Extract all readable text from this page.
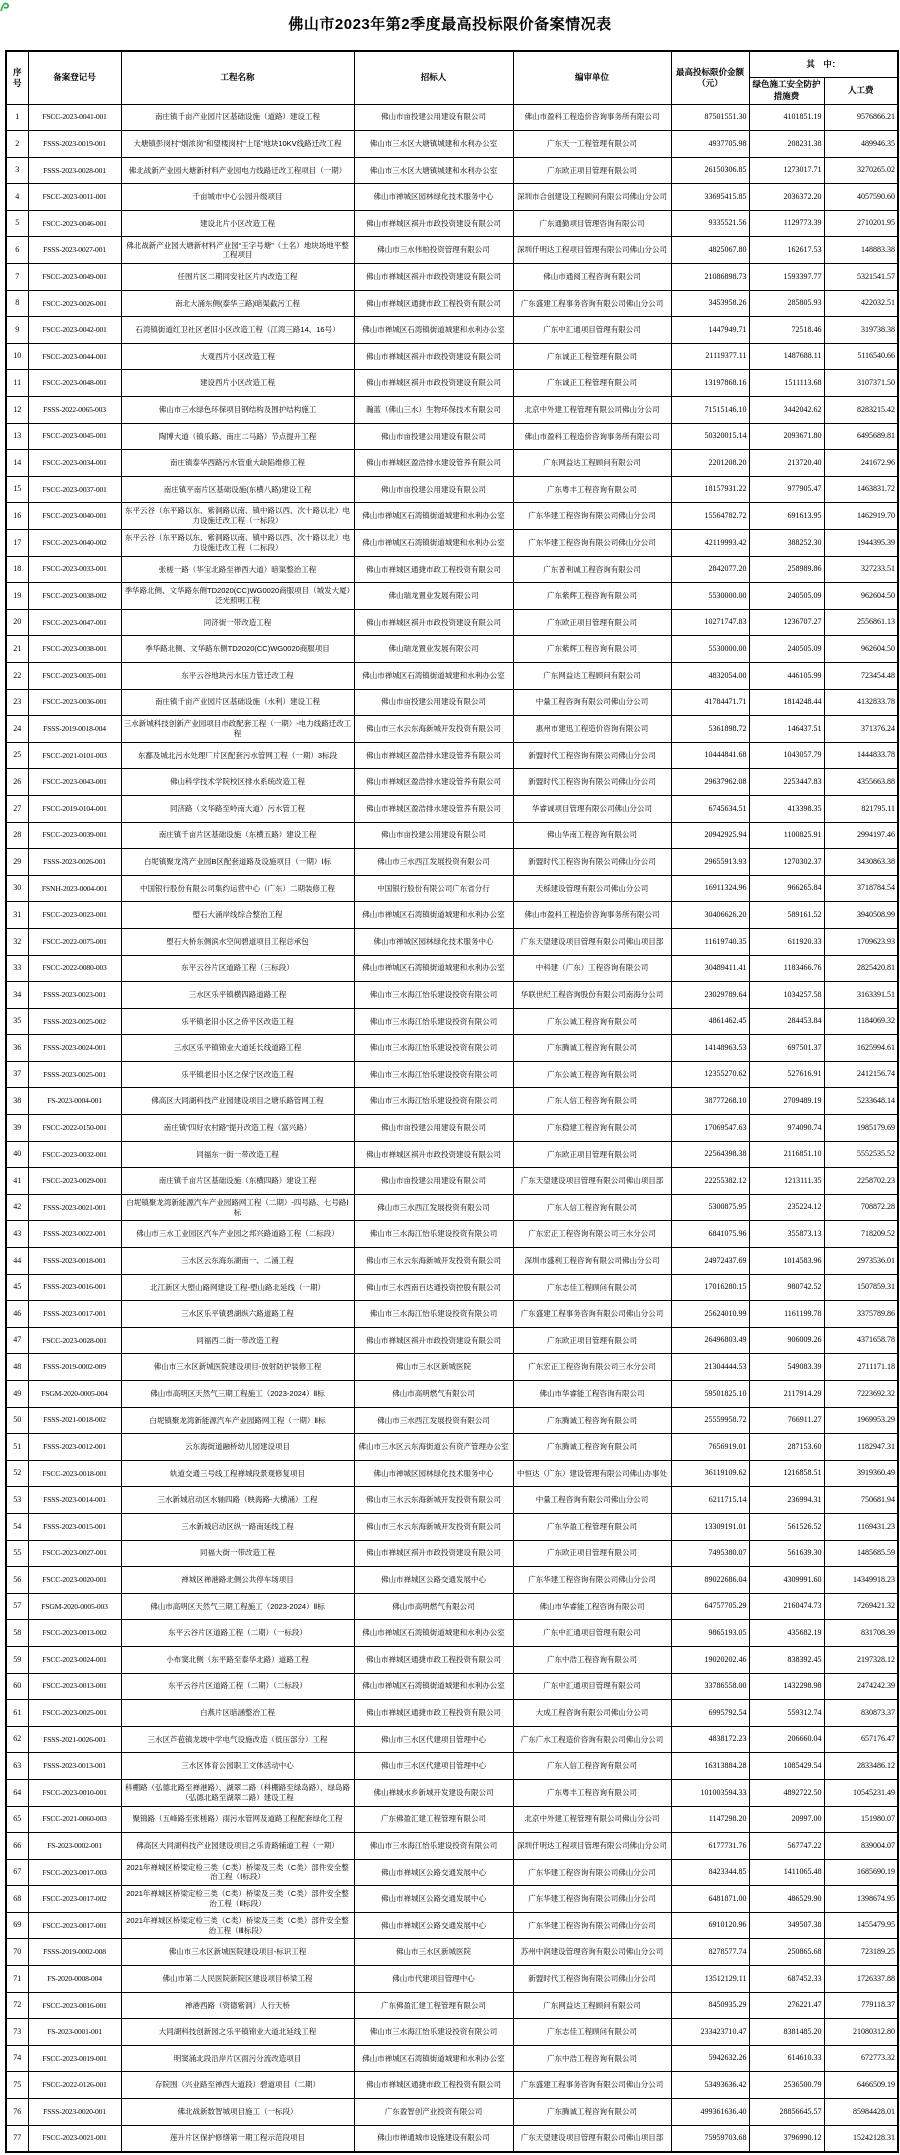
佛山市2023年第2季度最高投标限价备案情况表
序号	备案登记号	工程名称	招标人	编审单位	最高投标限价金额（元）	其　中：	
						绿色施工安全防护措施费	人工费
1	FSCC-2023-0041-001	南庄镇千亩产业园片区基础设施（道路）建设工程	佛山市亩投建公用建设有限公司	佛山市盈科工程造价咨询事务所有限公司	87501551.30	4101851.19	9576866.21
2	FSSS-2023-0019-001	大塘镇彭岗村“烟浓岗”和望楼岗村“上尾”地块10KV线路迁改工程	佛山市三水区大塘镇城建和水利办公室	广东天一工程管理有限公司	4937705.98	208231.38	489946.35
3	FSSS-2023-0028-001	佛北战新产业园大塘新材料产业园电力线路迁改工程项目（一期）	佛山市三水区大塘镇城建和水利办公室	广东欧正项目管理有限公司	26150306.85	1273017.71	3270265.02
4	FSCC-2023-0011-001	千亩城市中心公园升级项目	佛山市禅城区园林绿化技术服务中心	深圳市合创建设工程顾问有限公司佛山分公司	33695415.85	2036372.20	4057590.60
5	FSCC-2023-0046-001	建设北片小区改造工程	佛山市禅城区祺升市政投资建设有限公司	广东通勤项目管理咨询有限公司	9335521.56	1129773.39	2710201.95
6	FSSS-2023-0027-001	佛北战新产业园大塘新材料产业园“王字号塘”（土名）地块场地平整工程项目	佛山市三水伟柏投资管理有限公司	深圳仟明达工程项目管理有限公司佛山分公司	4825067.80	162617.53	148883.38
7	FSCC-2023-0049-001	任围片区二期同安社区片内改造工程	佛山市禅城区祺升市政投资建设有限公司	佛山市通阅工程咨询有限公司	21086898.73	1593397.77	5321541.57
8	FSCC-2023-0026-001	南北大涌东侧(泰华三路)暗渠截污工程	佛山市禅城区通捷市政工程投资有限公司	广东盛建工程事务咨询有限公司佛山分公司	3453958.26	285805.93	422032.51
9	FSCC-2023-0042-001	石湾镇街道红卫社区老旧小区改造工程（江湾三路14、16号）	佛山市禅城区石湾镇街道城建和水利办公室	广东中汇通项目管理有限公司	1447949.71	72518.46	319738.38
10	FSCC-2023-0044-001	大观西片小区改造工程	佛山市禅城区祺升市政投资建设有限公司	广东诚正工程管理有限公司	21119377.11	1487688.11	5116540.66
11	FSCC-2023-0048-001	建设西片小区改造工程	佛山市禅城区祺升市政投资建设有限公司	广东诚正工程管理有限公司	13197868.16	1511113.68	3107371.50
12	FSSS-2022-0065-003	佛山市三水绿色环保项目钢结构及围护结构施工	瀚蓝（佛山三水）生物环保技术有限公司	北京中外建工程管理有限公司佛山分公司	71515146.10	3442042.62	8283215.42
13	FSCC-2023-0045-001	陶博大道（镇乐路、南庄二马路）节点提升工程	佛山市亩投建公用建设有限公司	佛山市盈科工程造价咨询事务所有限公司	50320015.14	2093671.80	6495689.81
14	FSCC-2023-0034-001	南庄镇泰华西路污水管重大缺陷维修工程	佛山市禅城区盈浩排水建设管养有限公司	广东网益达工程顾问有限公司	2201208.20	213720.40	241672.96
15	FSCC-2023-0037-001	南庄镇平南片区基础设施(东横八路)建设工程	佛山市亩投建公用建设有限公司	广东粤丰工程咨询有限公司	18157931.22	977905.47	1463831.72
16	FSCC-2023-0040-001	东平云谷（东平路以东、紫洞路以南、镇中路以西、次十路以北）电力设施迁改工程（一标段）	佛山市禅城区石湾镇街道城建和水利办公室	广东华建工程咨询有限公司佛山分公司	15564782.72	691613.95	1462919.70
17	FSCC-2023-0040-002	东平云谷（东平路以东、紫洞路以南、镇中路以西、次十路以北）电力设施迁改工程（二标段）	佛山市禅城区石湾镇街道城建和水利办公室	广东华建工程咨询有限公司佛山分公司	42119993.42	388252.30	1944395.39
18	FSCC-2023-0033-001	张槎一路（华宝北路至禅西大道）暗渠整治工程	佛山市禅城区通捷市政工程投资有限公司	广东普利诚工程咨询有限公司	2842077.20	258989.86	327233.51
19	FSCC-2023-0038-002	季华路北侧、文华路东侧TD2020(CC)WG0020商服项目（城发大厦）泛光照明工程	佛山瑞龙置业发展有限公司	广东紫辉工程咨询有限公司	5530000.00	240505.09	962604.50
20	FSCC-2023-0047-001	同济街一带改造工程	佛山市禅城区祺升市政投资建设有限公司	广东欧正项目管理有限公司	10271747.83	1236707.27	2556861.13
21	FSCC-2023-0038-001	季华路北侧、文华路东侧TD2020(CC)WG0020商服项目	佛山瑞龙置业发展有限公司	广东紫辉工程咨询有限公司	5530000.00	240505.09	962604.50
22	FSCC-2023-0035-001	东平云谷地块污水压力管迁改工程	佛山市禅城区石湾镇街道城建和水利办公室	广东网益达工程顾问有限公司	4832054.00	446105.99	723454.48
23	FSCC-2023-0036-001	南庄镇千亩产业园片区基础设施（水利）建设工程	佛山市亩投建公用建设有限公司	中量工程咨询有限公司佛山分公司	41784471.71	1814248.44	4132833.78
24	FSSS-2019-0018-004	三水新城科技创新产业园项目市政配套工程（一期）-电力线路迁改工程	佛山市三水云东海新城开发投资有限公司	惠州市建迅工程造价咨询有限公司	5361898.72	146437.51	371376.24
25	FSCC-2021-0101-003	东鄱及城北污水处理厂片区配套污水管网工程（一期）3标段	佛山市禅城区盈浩排水建设管养有限公司	新盟时代工程咨询有限公司佛山分公司	10444841.68	1043057.79	1444833.78
26	FSCC-2023-0043-001	佛山科学技术学院校区排水系统改造工程	佛山市禅城区盈浩排水建设管养有限公司	新盟时代工程咨询有限公司佛山分公司	29637962.08	2253447.83	4355663.88
27	FSCC-2019-0104-001	同济路（文华路至岭南大道）污水管工程	佛山市禅城区盈浩排水建设管养有限公司	华睿诚项目管理有限公司佛山分公司	6745634.51	413398.35	821795.11
28	FSCC-2023-0039-001	南庄镇千亩片区基础设施（东横五路）建设工程	佛山市亩投建公用建设有限公司	佛山华南工程咨询有限公司	20942925.94	1100825.91	2994197.46
29	FSSS-2023-0026-001	白坭镇聚龙湾产业园B区配套道路及设施项目（一期）Ⅰ标	佛山市三水西江发展投资有限公司	新盟时代工程咨询有限公司佛山分公司	29655913.93	1270302.37	3430863.38
30	FSNH-2023-0004-001	中国银行股份有限公司集约运营中心（广东）二期装修工程	中国银行股份有限公司广东省分行	天栎建设管理有限公司佛山分公司	16911324.96	966265.84	3718784.54
31	FSCC-2023-0023-001	塱石大涌岸线综合整治工程	佛山市禅城区石湾镇街道城建和水利办公室	佛山市盈科工程造价咨询事务所有限公司	30406626.20	589161.52	3940508.99
32	FSCC-2022-0075-001	塱石大桥东侧滨水空间碧道项目工程总承包	佛山市禅城区园林绿化技术服务中心	广东天望建设项目管理有限公司佛山项目部	11619740.35	611920.33	1709623.93
33	FSCC-2022-0080-003	东平云谷片区道路工程（三标段）	佛山市禅城区石湾镇街道城建和水利办公室	中科建（广东）工程咨询有限公司	30489411.41	1183466.76	2825420.81
34	FSSS-2023-0023-001	三水区乐平镇横四路道路工程	佛山市三水海江怡乐建设投资有限公司	华联世纪工程咨询股份有限公司南海分公司	23029789.64	1034257.58	3163391.51
35	FSSS-2023-0025-002	乐平镇老旧小区之侨平区改造工程	佛山市三水海江怡乐建设投资有限公司	广东公诚工程咨询有限公司	4861462.45	284453.84	1184069.32
36	FSSS-2023-0024-001	三水区乐平镇锦业大道延长线道路工程	佛山市三水海江怡乐建设投资有限公司	广东腾诚工程咨询有限公司	14148963.53	697501.37	1625994.61
37	FSSS-2023-0025-001	乐平镇老旧小区之保宁区改造工程	佛山市三水海江怡乐建设投资有限公司	广东公诚工程咨询有限公司	12355270.62	527616.91	2412156.74
38	FS-2023-0004-001	佛高区大同湖科技产业园建设项目之塘乐路管网工程	佛山市三水海江怡乐建设投资有限公司	广东人信工程咨询有限公司	38777268.10	2709489.19	5233648.14
39	FSCC-2022-0150-001	南庄镇“四好农村路”提升改造工程（富兴路）	佛山市亩投建公用建设有限公司	广东稳建工程咨询有限公司	17069547.63	974090.74	1985179.69
40	FSCC-2023-0032-001	同福东一街一带改造工程	佛山市禅城区祺升市政投资建设有限公司	广东欧正项目管理有限公司	22564398.38	2116851.10	5552535.52
41	FSCC-2023-0029-001	南庄镇千亩片区基础设施（东横四路）建设工程	佛山市亩投建公用建设有限公司	广东天望建设项目管理有限公司佛山项目部	22255382.12	1213111.35	2258702.23
42	FSSS-2023-0021-001	白坭镇聚龙湾新能源汽车产业园路网工程（二期）-四号路、七号路Ⅰ标	佛山市三水西江发展投资有限公司	广东人信工程咨询有限公司	5300875.95	235224.12	708872.28
43	FSSS-2023-0022-001	佛山市三水工业园区汽车产业园之邦兴路道路工程（二标段）	佛山市三水海江怡乐建设投资有限公司	广东宏正工程咨询有限公司三水分公司	6841075.96	355873.13	718209.52
44	FSSS-2023-0018-001	三水区云东海东湖南一、二涌工程	佛山市三水云东海新城开发投资有限公司	深圳市盛利工程咨询有限公司佛山分公司	24972437.69	1014583.96	2973536.01
45	FSSS-2023-0016-001	北江新区大塱山路网建设工程-塱山路北延线（一期）	佛山市三水西南百达通投资控股有限公司	广东志佳工程顾问有限公司	17016280.15	980742.52	1507859.31
46	FSSS-2023-0017-001	三水区乐平镇碧湖纵六路道路工程	佛山市三水海江怡乐建设投资有限公司	广东盛建工程事务咨询有限公司佛山分公司	25624010.99	1161199.78	3375789.86
47	FSCC-2023-0028-001	同福西二街一带改造工程	佛山市禅城区祺升市政投资建设有限公司	广东欧正项目管理有限公司	26496803.49	906009.26	4371658.78
48	FSSS-2019-0002-009	佛山市三水区新城医院建设项目-放射防护装修工程	佛山市三水区新城医院	广东宏正工程咨询有限公司三水分公司	21304444.53	549083.39	2711171.18
49	FSGM-2020-0005-004	佛山市高明区天然气三期工程施工（2023-2024）Ⅱ标	佛山市高明燃气有限公司	佛山市华睿能工程咨询有限公司	59501825.10	2117914.29	7223692.32
50	FSSS-2021-0018-002	白坭镇聚龙湾新能源汽车产业园路网工程（一期）Ⅱ标	佛山市三水西江发展投资有限公司	广东腾诚工程咨询有限公司	25559958.72	766911.27	1969953.29
51	FSSS-2023-0012-001	云东海街道融桥幼儿园建设项目	佛山市三水区云东海街道公有资产管理办公室	广东腾诚工程咨询有限公司	7656919.01	287153.60	1182947.31
52	FSCC-2023-0018-001	轨道交通三号线工程禅城段景观修复项目	佛山市禅城区园林绿化技术服务中心	中恒达（广东）建设管理有限公司佛山办事处	36119109.62	1216858.51	3919360.49
53	FSSS-2023-0014-001	三水新城启动区水轴四路（映海路-大横涌）工程	佛山市三水云东海新城开发投资有限公司	中量工程咨询有限公司佛山分公司	6211715.14	236994.31	750681.94
54	FSSS-2023-0015-001	三水新城启动区纵一路南延线工程	佛山市三水云东海新城开发投资有限公司	广东华盈工程管理有限公司	13309191.01	561526.52	1169431.23
55	FSCC-2023-0027-001	同福大街一带改造工程	佛山市禅城区祺升市政投资建设有限公司	广东欧正项目管理有限公司	7495380.07	561639.30	1485685.59
56	FSCC-2023-0020-001	禅城区禅港路北侧公共停车场项目	佛山市禅城区公路交通发展中心	广东华建工程咨询有限公司佛山分公司	89022686.04	4309991.60	14349918.23
57	FSGM-2020-0005-003	佛山市高明区天然气三期工程施工（2023-2024）Ⅱ标	佛山市高明燃气有限公司	佛山市华睿能工程咨询有限公司	64757705.29	2160474.73	7269421.32
58	FSCC-2023-0013-002	东平云谷片区道路工程（二期）（一标段）	佛山市禅城区石湾镇街道城建和水利办公室	广东中汇通项目管理有限公司	9865193.05	435682.19	831708.39
59	FSCC-2023-0024-001	小布窦北侧（东平路至泰华北路）道路工程	佛山市禅城区通捷市政工程投资有限公司	广东中浩工程咨询有限公司	19020202.46	838392.45	2197328.12
60	FSCC-2023-0013-001	东平云谷片区道路工程（二期）（二标段）	佛山市禅城区石湾镇街道城建和水利办公室	广东中汇通项目管理有限公司	33786558.00	1432298.98	2474242.39
61	FSCC-2023-0025-001	白燕片区暗涵整治工程	佛山市禅城区通捷市政工程投资有限公司	大成工程咨询有限公司佛山分公司	6995792.54	559312.74	830873.37
62	FSSS-2021-0026-001	三水区芦苞镇龙坡中学电气设施改造（低压部分）工程	佛山市三水区代建项目管理中心	广东广水工程造价咨询有限公司佛山分公司	4838172.23	206660.04	657176.47
63	FSSS-2023-0013-001	三水区体育公园职工文体活动中心	佛山市三水区代建项目管理中心	广东人信工程咨询有限公司	16313884.28	1085429.54	2833486.12
64	FSCC-2023-0010-001	科棚路（弘德北路至禅港路）、湖翠二路（科棚路至绿岛路）、绿岛路（弘德北路至湖翠二路）建设工程	佛山禅城水乡新城开发建设有限公司	广东粤丰工程咨询有限公司	101003594.33	4892722.50	10545231.49
65	FSCC-2021-0060-003	聚锦路（五峰路至张槎路）雨污水管网及道路工程配套绿化工程	广东佛盈汇建工程管理有限公司	北京中外建工程管理有限公司佛山分公司	1147298.20	20997.00	151980.07
66	FS-2023-0002-001	佛高区大同湖科技产业园建设项目之乐青路辅道工程（一期）	佛山市三水海江怡乐建设投资有限公司	深圳仟明达工程项目管理有限公司佛山分公司	6177731.76	567747.22	839004.07
67	FSCC-2023-0017-003	2021年禅城区桥梁定检三类（C类）桥梁及三类（C类）部件安全整治工程（Ⅰ标段）	佛山市禅城区公路交通发展中心	广东华建工程咨询有限公司佛山分公司	8423344.85	1411065.48	1685690.19
68	FSCC-2023-0017-002	2021年禅城区桥梁定检三类（C类）桥梁及三类（C类）部件安全整治工程（Ⅱ标段）	佛山市禅城区公路交通发展中心	广东华建工程咨询有限公司佛山分公司	6481871.00	486529.90	1398674.95
69	FSCC-2023-0017-001	2021年禅城区桥梁定检三类（C类）桥梁及三类（C类）部件安全整治工程（Ⅲ标段）	佛山市禅城区公路交通发展中心	广东华建工程咨询有限公司佛山分公司	6910120.96	349507.38	1455479.95
70	FSSS-2019-0002-008	佛山市三水区新城医院建设项目-标识工程	佛山市三水区新城医院	苏州中润建设管理咨询有限公司佛山分公司	8278577.74	250865.68	723189.25
71	FS-2020-0008-004	佛山市第二人民医院新院区建设项目桥梁工程	佛山市代建项目管理中心	新盟时代工程咨询有限公司佛山分公司	13512129.11	687452.33	1726337.88
72	FSCC-2023-0016-001	禅港西路（资德紫洞）人行天桥	广东佛盈汇建工程管理有限公司	广东网益达工程顾问有限公司	8450935.29	276221.47	779118.37
73	FS-2023-0001-001	大同湖科技创新园之乐平镇锦业大道北延线工程	佛山市三水海江怡乐建设投资有限公司	广东志佳工程顾问有限公司	233423710.47	8381485.20	21080312.80
74	FSCC-2023-0019-001	明窦涌北段沿岸片区雨污分流改造项目	佛山市禅城区石湾镇街道城建和水利办公室	广东中浩工程咨询有限公司	5942632.26	614610.33	672773.32
75	FSCC-2022-0126-001	存院围（兴业路至禅西大道段）碧道项目（二期）	佛山市禅城区通捷市政工程投资有限公司	广东盛建工程事务咨询有限公司佛山分公司	53493636.42	2536500.79	6466509.19
76	FSSS-2023-0020-001	佛北战新数智城项目施工（一标段）	广东盈智创产业投资有限公司	广东腾诚工程咨询有限公司	499361636.40	28856645.57	85984428.01
77	FSCC-2023-0021-001	莲升片区保护修缮第一期工程示范段项目	佛山市禅通城市设施建设有限公司	广东天望建设项目管理有限公司佛山项目部	75959703.68	3796990.12	15242128.31
